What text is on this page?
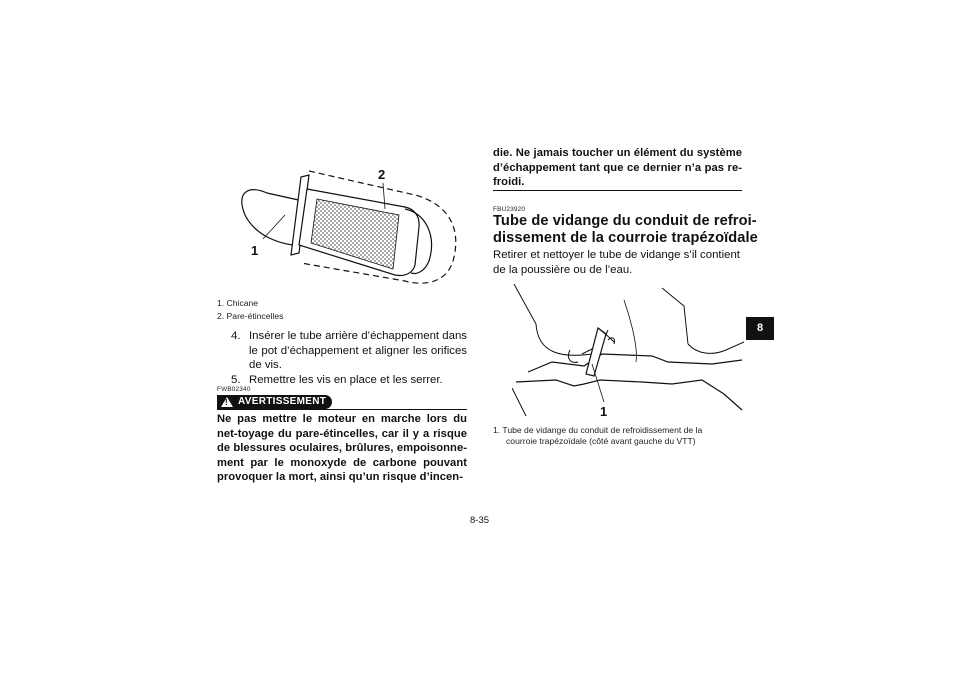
2
1
1. Chicane
2. Pare-étincelles
4. Insérer le tube arrière d’échappement dans le pot d’échappement et aligner les orifices de vis.
5. Remettre les vis en place et les serrer.
FWB02340
! AVERTISSEMENT
Ne pas mettre le moteur en marche lors du net-toyage du pare-étincelles, car il y a risque de blessures oculaires, brûlures, empoisonne-ment par le monoxyde de carbone pouvant provoquer la mort, ainsi qu’un risque d’incen-
die. Ne jamais toucher un élément du système d’échappement tant que ce dernier n’a pas re-froidi.
FBU23920
Tube de vidange du conduit de refroi-
dissement de la courroie trapézoïdale
Retirer et nettoyer le tube de vidange s’il contient de la poussière ou de l’eau.
1
1. Tube de vidange du conduit de refroidissement de la
courroie trapézoïdale (côté avant gauche du VTT)
8
8-35
